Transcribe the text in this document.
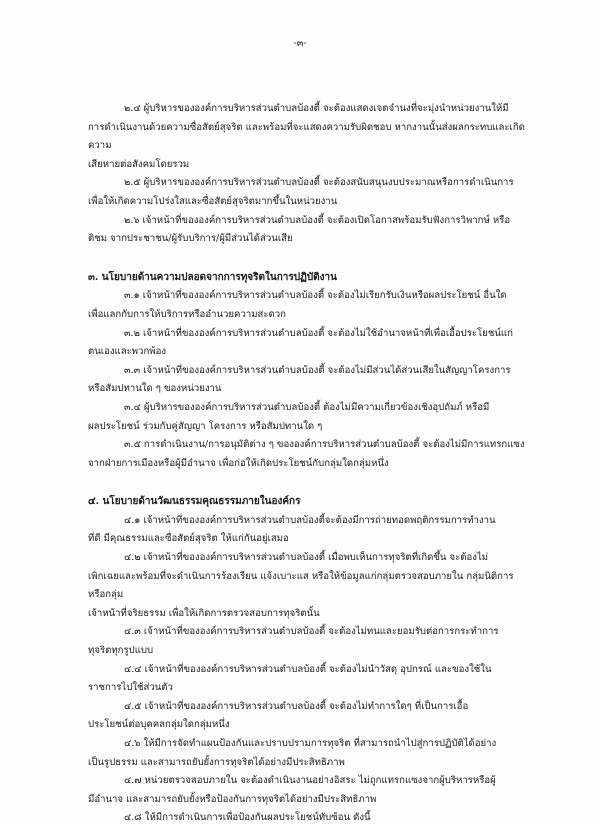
-๓-

๒.๔ ผู้บริหารขององค์การบริหารส่วนตำบลบ้องตี้ จะต้องแสดงเจตจำนงที่จะมุ่งนำหน่วยงานให้มี

การดำเนินงานด้วยความซื่อสัตย์สุจริต และพร้อมที่จะแสดงความรับผิดชอบ หากงานนั้นส่งผลกระทบและเกิดความ

เสียหายต่อสังคมโดยรวม

๒.๕ ผู้บริหารขององค์การบริหารส่วนตำบลบ้องตี้ จะต้องสนับสนุนงบประมาณหรือการดำเนินการ

เพื่อให้เกิดความโปร่งใสและซื่อสัตย์สุจริตมากขึ้นในหน่วยงาน

๒.๖ เจ้าหน้าที่ขององค์การบริหารส่วนตำบลบ้องตี้ จะต้องเปิดโอกาสพร้อมรับฟังการวิพากษ์ หรือ

ติชม จากประชาชน/ผู้รับบริการ/ผู้มีส่วนได้ส่วนเสีย

๓. นโยบายด้านความปลอดจากการทุจริตในการปฏิบัติงาน

๓.๑ เจ้าหน้าที่ขององค์การบริหารส่วนตำบลบ้องตี้ จะต้องไม่เรียกรับเงินหรือผลประโยชน์ อื่นใด

เพื่อแลกกับการให้บริการหรืออำนวยความสะดวก

๓.๒ เจ้าหน้าที่ขององค์การบริหารส่วนตำบลบ้องตี้ จะต้องไม่ใช้อำนาจหน้าที่เพื่อเอื้อประโยชน์แก่

ตนเองและพวกพ้อง

๓.๓ เจ้าหน้าที่ขององค์การบริหารส่วนตำบลบ้องตี้ จะต้องไม่มีส่วนได้ส่วนเสียในสัญญาโครงการ

หรือสัมปทานใด ๆ ของหน่วยงาน

๓.๔ ผู้บริหารขององค์การบริหารส่วนตำบลบ้องตี้ ต้องไม่มีความเกี่ยวข้องเชิงอุปถัมภ์ หรือมี

ผลประโยชน์ ร่วมกับคู่สัญญา โครงการ หรือสัมปทานใด ๆ

๓.๕ การดำเนินงาน/การอนุมัติต่าง ๆ ขององค์การบริหารส่วนตำบลบ้องตี้ จะต้องไม่มีการแทรกแซง

จากฝ่ายการเมืองหรือผู้มีอำนาจ เพื่อก่อให้เกิดประโยชน์กับกลุ่มใดกลุ่มหนึ่ง

๔. นโยบายด้านวัฒนธรรมคุณธรรมภายในองค์กร

๔.๑ เจ้าหน้าที่ขององค์การบริหารส่วนตำบลบ้องตี้จะต้องมีการถ่ายทอดพฤติกรรมการทำงาน

ที่ดี มีคุณธรรมและซื่อสัตย์สุจริต ให้แก่กันอยู่เสมอ

๔.๒ เจ้าหน้าที่ขององค์การบริหารส่วนตำบลบ้องตี้ เมื่อพบเห็นการทุจริตที่เกิดขึ้น จะต้องไม่

เพิกเฉยและพร้อมที่จะดำเนินการร้องเรียน แจ้งเบาะแส หรือให้ข้อมูลแก่กลุ่มตรวจสอบภายใน กลุ่มนิติการ หรือกลุ่ม

เจ้าหน้าที่จริยธรรม เพื่อให้เกิดการตรวจสอบการทุจริตนั้น

๔.๓ เจ้าหน้าที่ขององค์การบริหารส่วนตำบลบ้องตี้ จะต้องไม่ทนและยอมรับต่อการกระทำการ

ทุจริตทุกรูปแบบ

๔.๔ เจ้าหน้าที่ขององค์การบริหารส่วนตำบลบ้องตี้ จะต้องไม่นำวัสดุ อุปกรณ์ และของใช้ใน

ราชการไปใช้ส่วนตัว

๔.๕ เจ้าหน้าที่ขององค์การบริหารส่วนตำบลบ้องตี้ จะต้องไม่ทำการใดๆ ที่เป็นการเอื้อ

ประโยชน์ต่อบุคคลกลุ่มใดกลุ่มหนึ่ง

๔.๖ ให้มีการจัดทำแผนป้องกันและปราบปรามการทุจริต ที่สามารถนำไปสู่การปฏิบัติได้อย่าง

เป็นรูปธรรม และสามารถยับยั้งการทุจริตได้อย่างมีประสิทธิภาพ

๔.๗ หน่วยตรวจสอบภายใน จะต้องดำเนินงานอย่างอิสระ ไม่ถูกแทรกแซงจากผู้บริหารหรือผู้

มีอำนาจ และสามารถยับยั้งหรือป้องกันการทุจริตได้อย่างมีประสิทธิภาพ

๔.๘ ให้มีการดำเนินการเพื่อป้องกันผลประโยชน์ทับซ้อน ดังนี้
